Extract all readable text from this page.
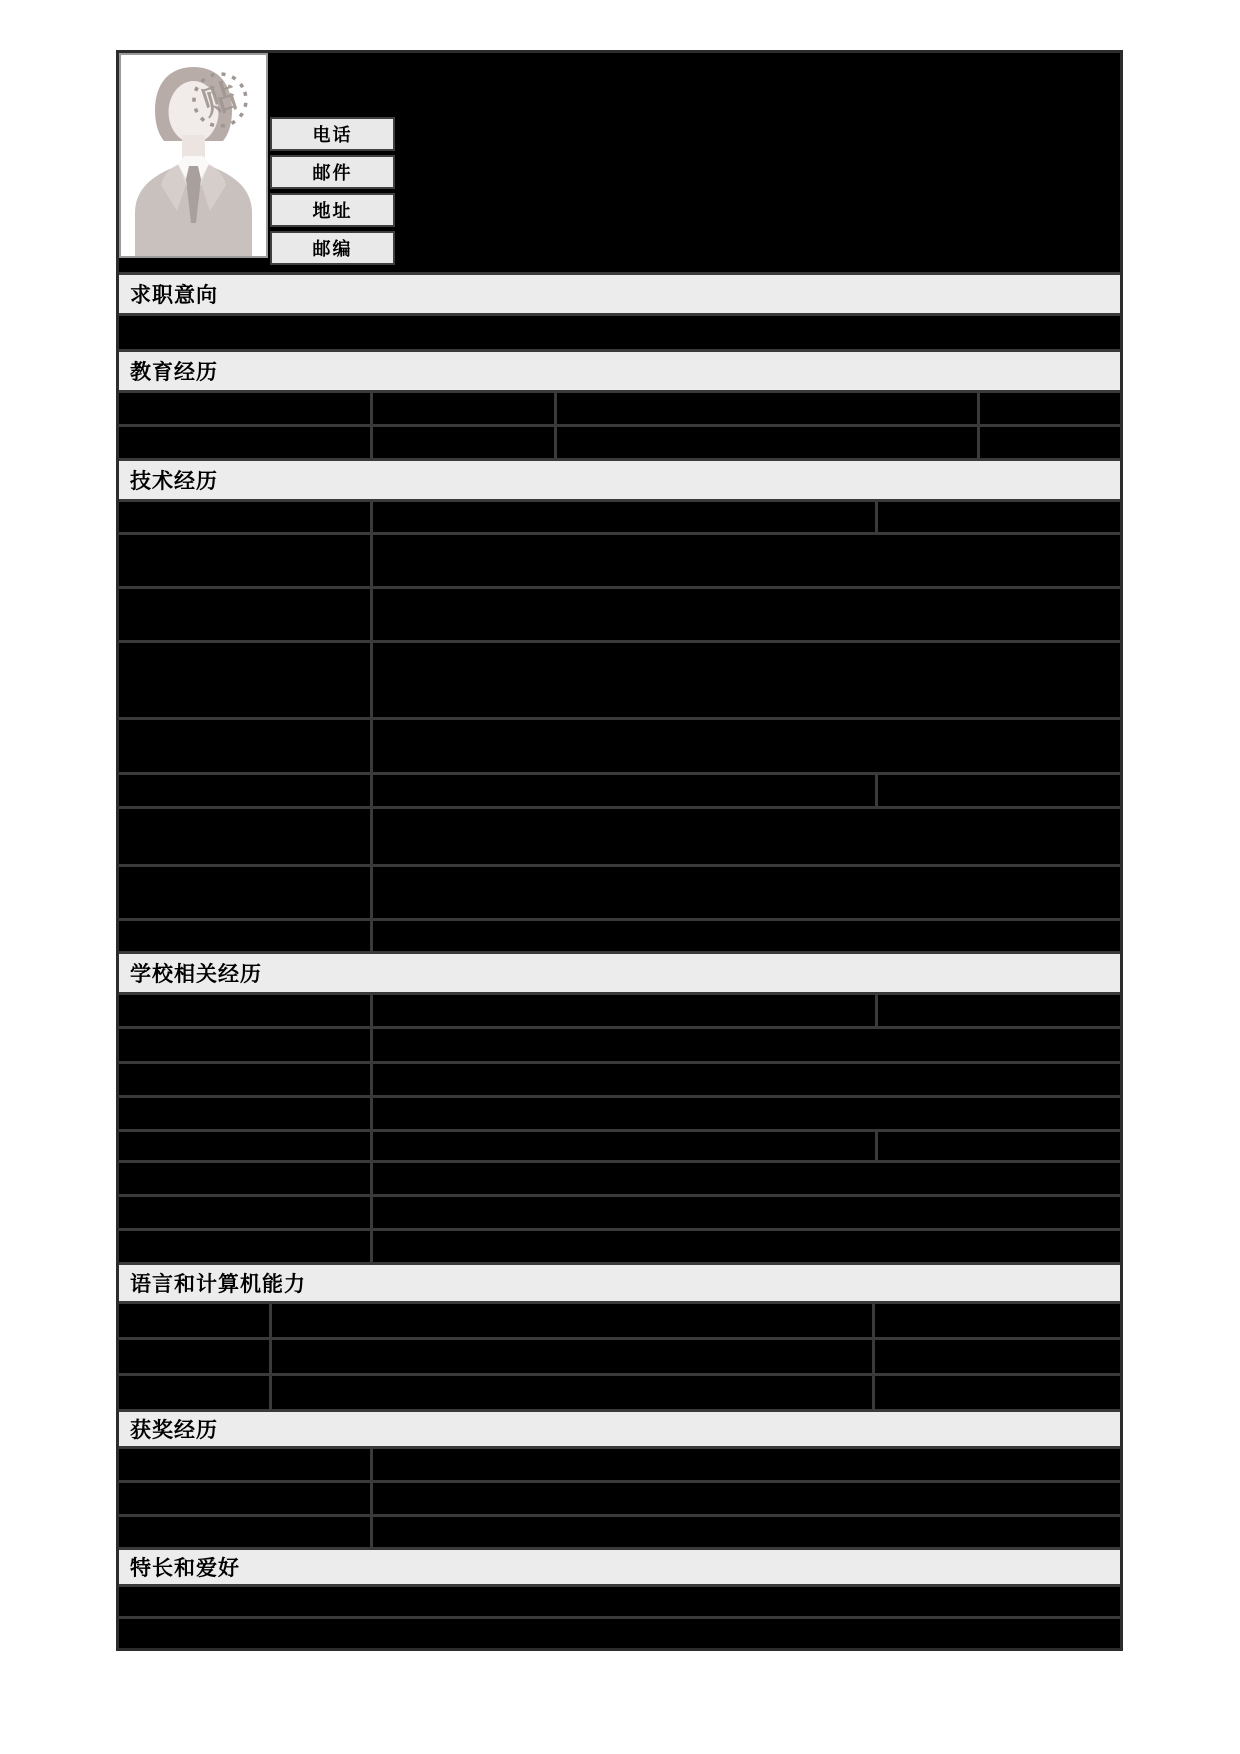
贴
1寸职业照
电话
邮件
地址
邮编
求职意向
教育经历
技术经历
学校相关经历
语言和计算机能力
获奖经历
特长和爱好
